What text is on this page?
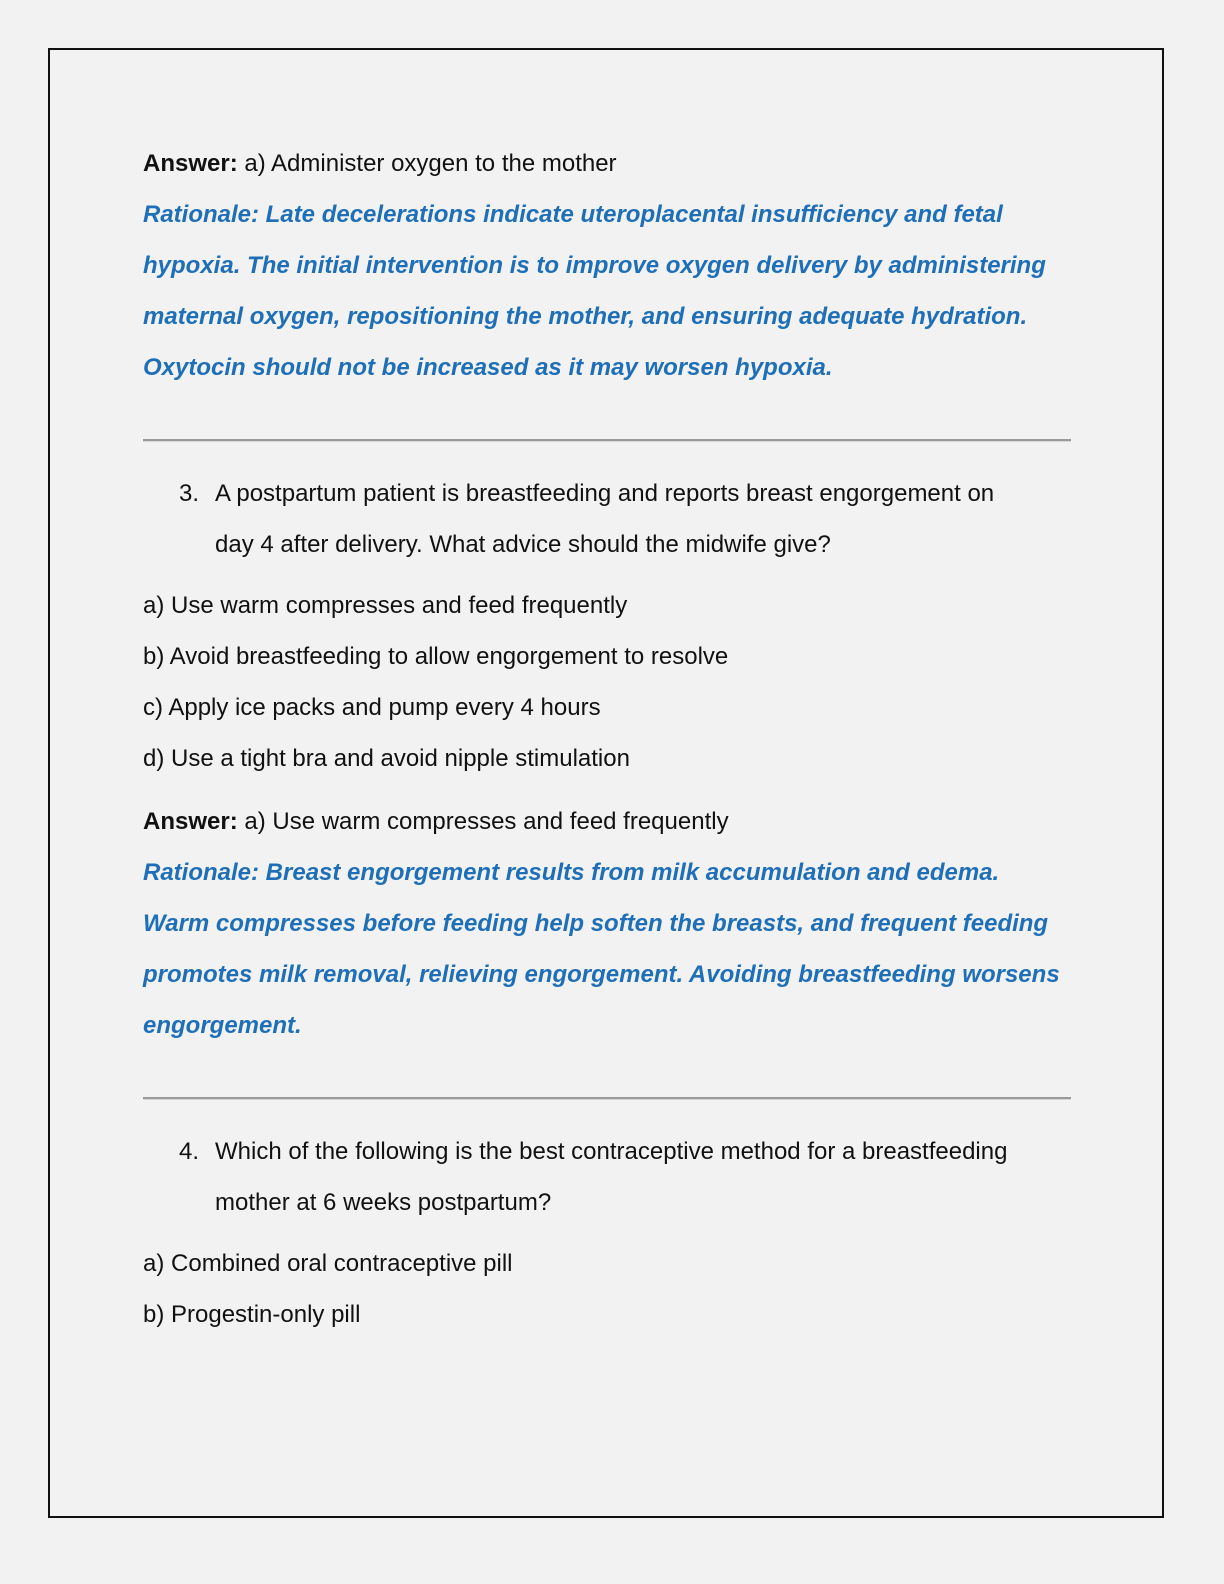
Answer: a) Administer oxygen to the mother
Rationale: Late decelerations indicate uteroplacental insufficiency and fetal
hypoxia. The initial intervention is to improve oxygen delivery by administering
maternal oxygen, repositioning the mother, and ensuring adequate hydration.
Oxytocin should not be increased as it may worsen hypoxia.
3. A postpartum patient is breastfeeding and reports breast engorgement on
day 4 after delivery. What advice should the midwife give?
a) Use warm compresses and feed frequently
b) Avoid breastfeeding to allow engorgement to resolve
c) Apply ice packs and pump every 4 hours
d) Use a tight bra and avoid nipple stimulation
Answer: a) Use warm compresses and feed frequently
Rationale: Breast engorgement results from milk accumulation and edema.
Warm compresses before feeding help soften the breasts, and frequent feeding
promotes milk removal, relieving engorgement. Avoiding breastfeeding worsens
engorgement.
4. Which of the following is the best contraceptive method for a breastfeeding
mother at 6 weeks postpartum?
a) Combined oral contraceptive pill
b) Progestin-only pill
